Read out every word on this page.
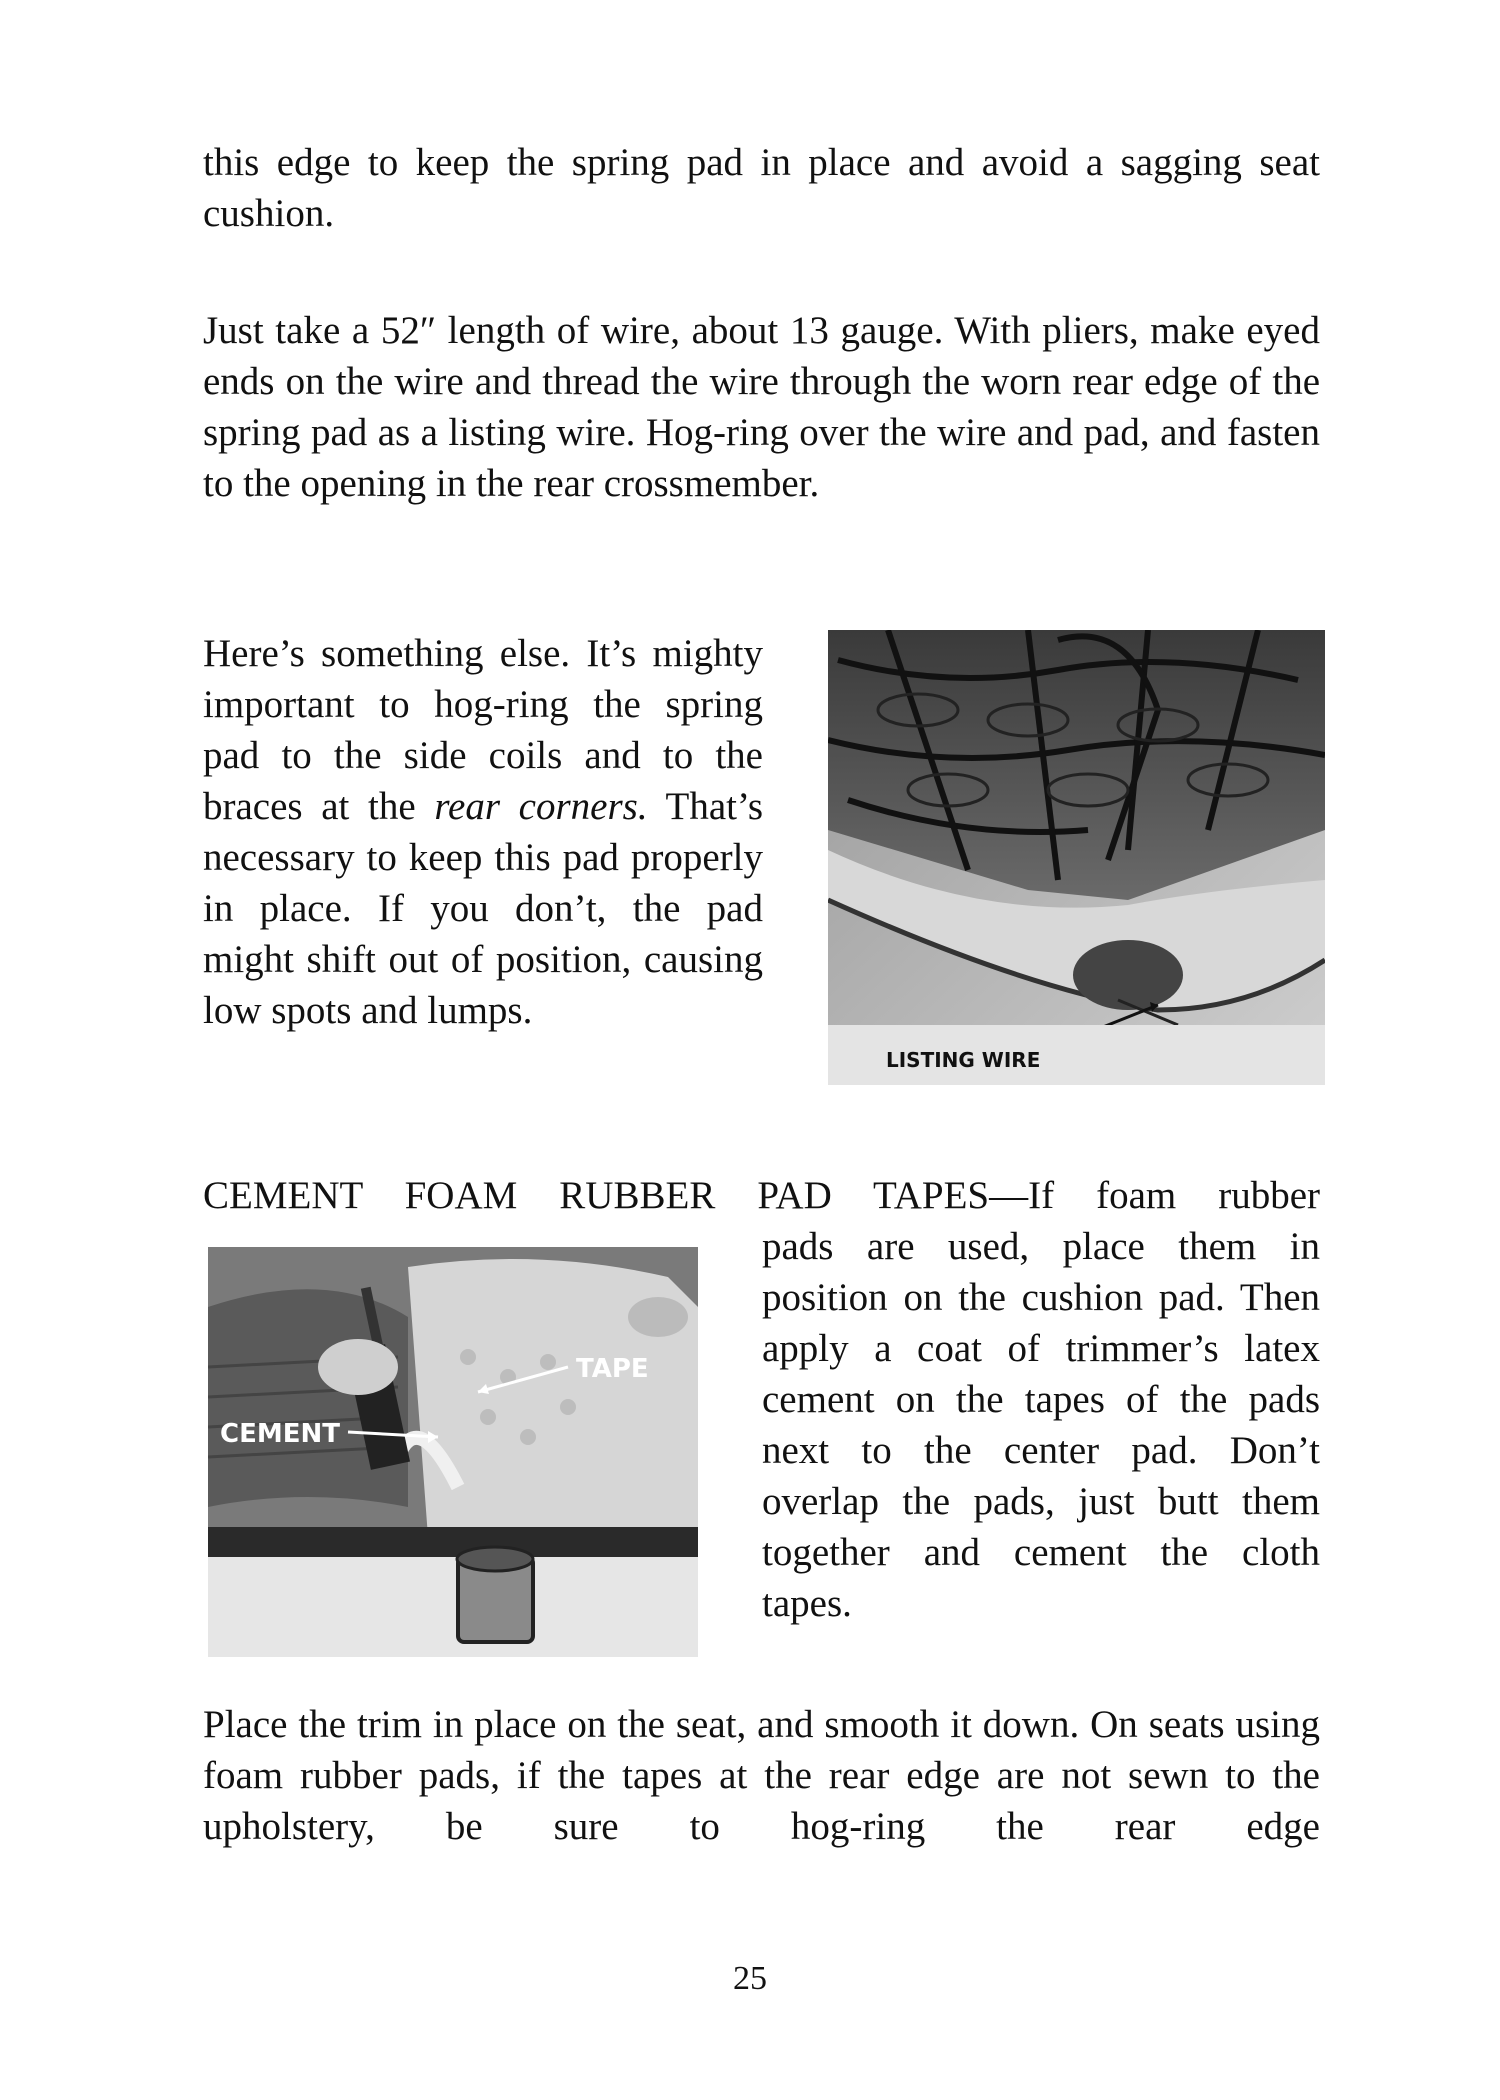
this edge to keep the spring pad in place and avoid a sagging seat cushion.

Just take a 52″ length of wire, about 13 gauge. With pliers, make eyed ends on the wire and thread the wire through the worn rear edge of the spring pad as a listing wire. Hog-ring over the wire and pad, and fasten to the opening in the rear crossmember.

Here’s something else. It’s mighty important to hog-ring the spring pad to the side coils and to the braces at the rear corners. That’s necessary to keep this pad properly in place. If you don’t, the pad might shift out of position, causing low spots and lumps.

LISTING WIRE

CEMENT FOAM RUBBER PAD TAPES—If foam rubber

CEMENT
TAPE

pads are used, place them in position on the cushion pad. Then apply a coat of trimmer’s latex cement on the tapes of the pads next to the center pad. Don’t overlap the pads, just butt them together and cement the cloth tapes.

Place the trim in place on the seat, and smooth it down. On seats using foam rubber pads, if the tapes at the rear edge are not sewn to the upholstery, be sure to hog-ring the rear edge

25
